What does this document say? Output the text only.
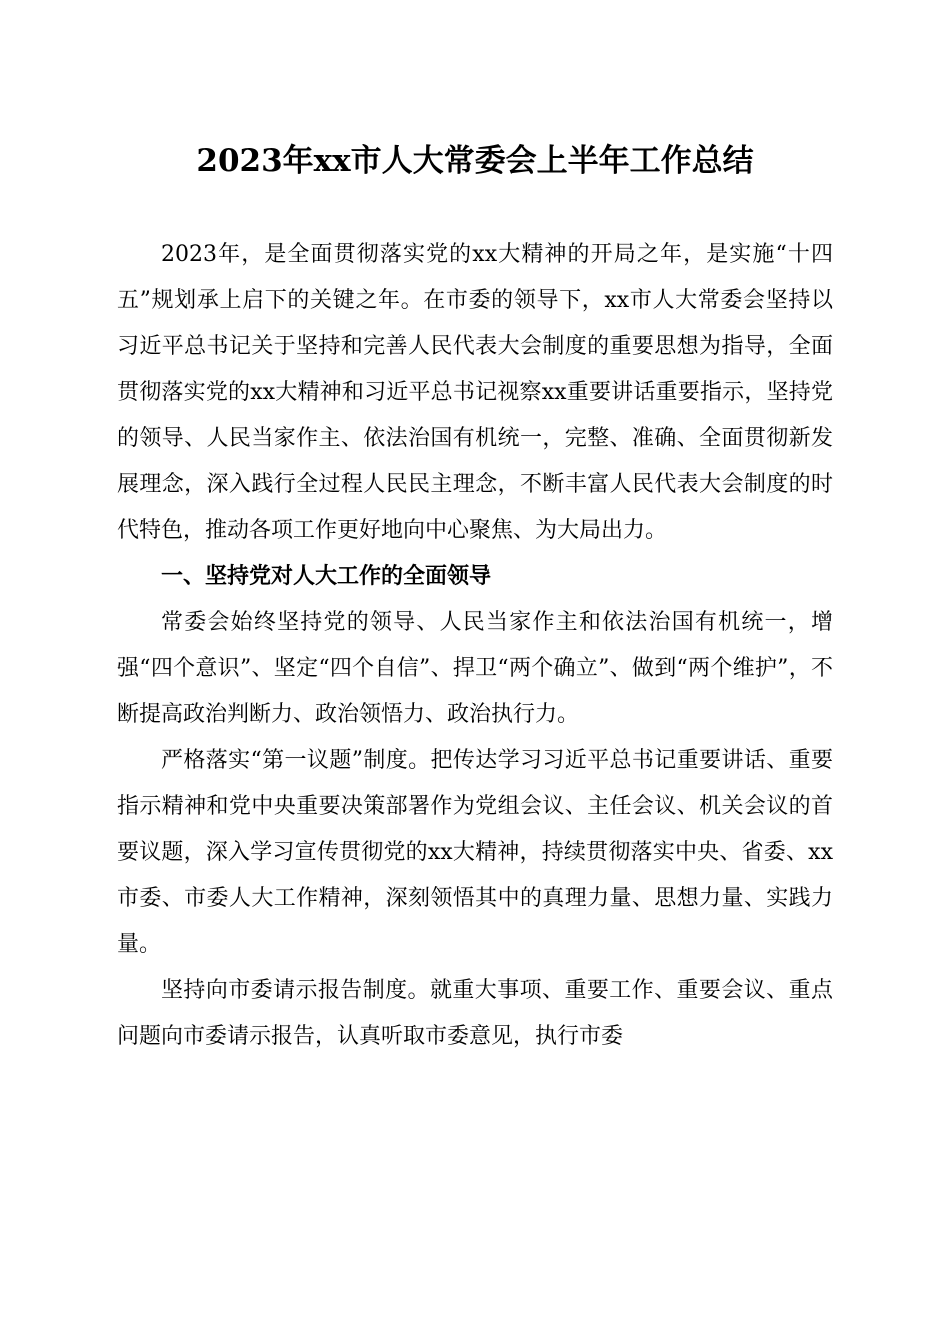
2023年xx市人大常委会上半年工作总结

2023年，是全面贯彻落实党的xx大精神的开局之年，是实施“十四五”规划承上启下的关键之年。在市委的领导下，xx市人大常委会坚持以习近平总书记关于坚持和完善人民代表大会制度的重要思想为指导，全面贯彻落实党的xx大精神和习近平总书记视察xx重要讲话重要指示，坚持党的领导、人民当家作主、依法治国有机统一，完整、准确、全面贯彻新发展理念，深入践行全过程人民民主理念，不断丰富人民代表大会制度的时代特色，推动各项工作更好地向中心聚焦、为大局出力。

一、坚持党对人大工作的全面领导

常委会始终坚持党的领导、人民当家作主和依法治国有机统一，增强“四个意识”、坚定“四个自信”、捍卫“两个确立”、做到“两个维护”，不断提高政治判断力、政治领悟力、政治执行力。

严格落实“第一议题”制度。把传达学习习近平总书记重要讲话、重要指示精神和党中央重要决策部署作为党组会议、主任会议、机关会议的首要议题，深入学习宣传贯彻党的xx大精神，持续贯彻落实中央、省委、xx市委、市委人大工作精神，深刻领悟其中的真理力量、思想力量、实践力量。

坚持向市委请示报告制度。就重大事项、重要工作、重要会议、重点问题向市委请示报告，认真听取市委意见，执行市委
